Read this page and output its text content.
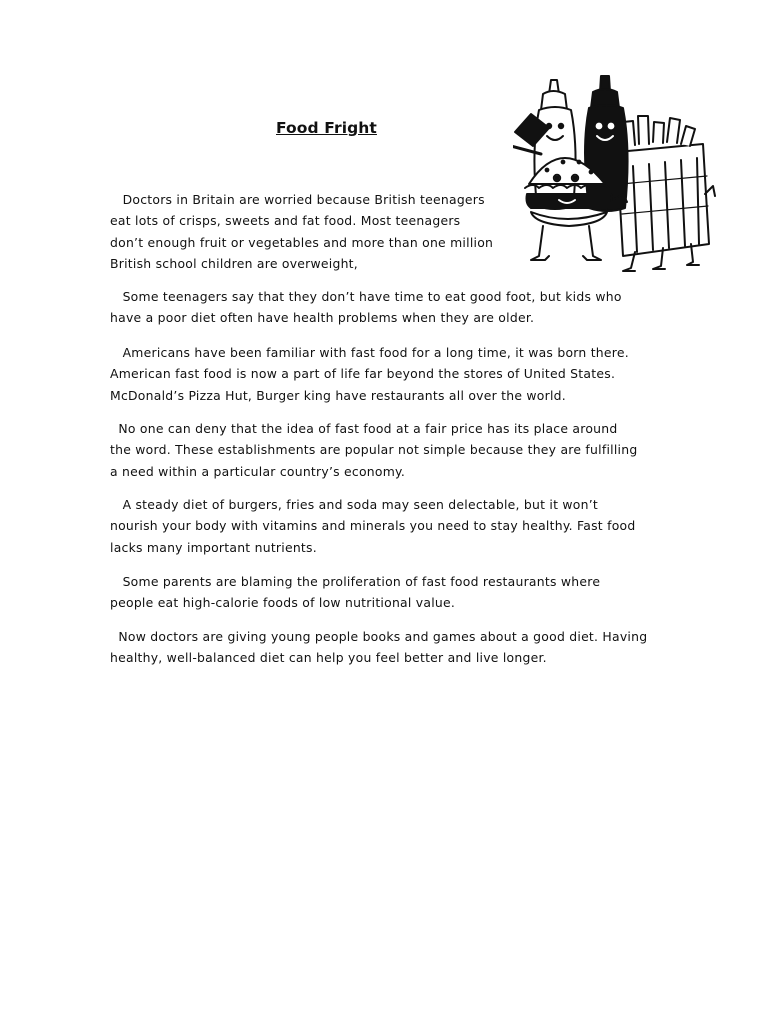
Food Fright

Doctors in Britain are worried because British teenagers
eat lots of crisps, sweets and fat food. Most teenagers
don’t enough fruit or vegetables and more than one million
British school children are overweight,

Some teenagers say that they don’t have time to eat good foot, but kids who
have a poor diet often have health problems when they are older.

Americans have been familiar with fast food for a long time, it was born there.
American fast food is now a part of life far beyond the stores of United States.
McDonald’s Pizza Hut, Burger king have restaurants all over the world.

No one can deny that the idea of fast food at a fair price has its place around
the word. These establishments are popular not simple because they are fulfilling
a need within a particular country’s economy.

A steady diet of burgers, fries and soda may seen delectable, but it won’t
nourish your body with vitamins and minerals you need to stay healthy. Fast food
lacks many important nutrients.

Some parents are blaming the proliferation of fast food restaurants where
people eat high-calorie foods of low nutritional value.

Now doctors are giving young people books and games about a good diet. Having
healthy, well-balanced diet can help you feel better and live longer.
